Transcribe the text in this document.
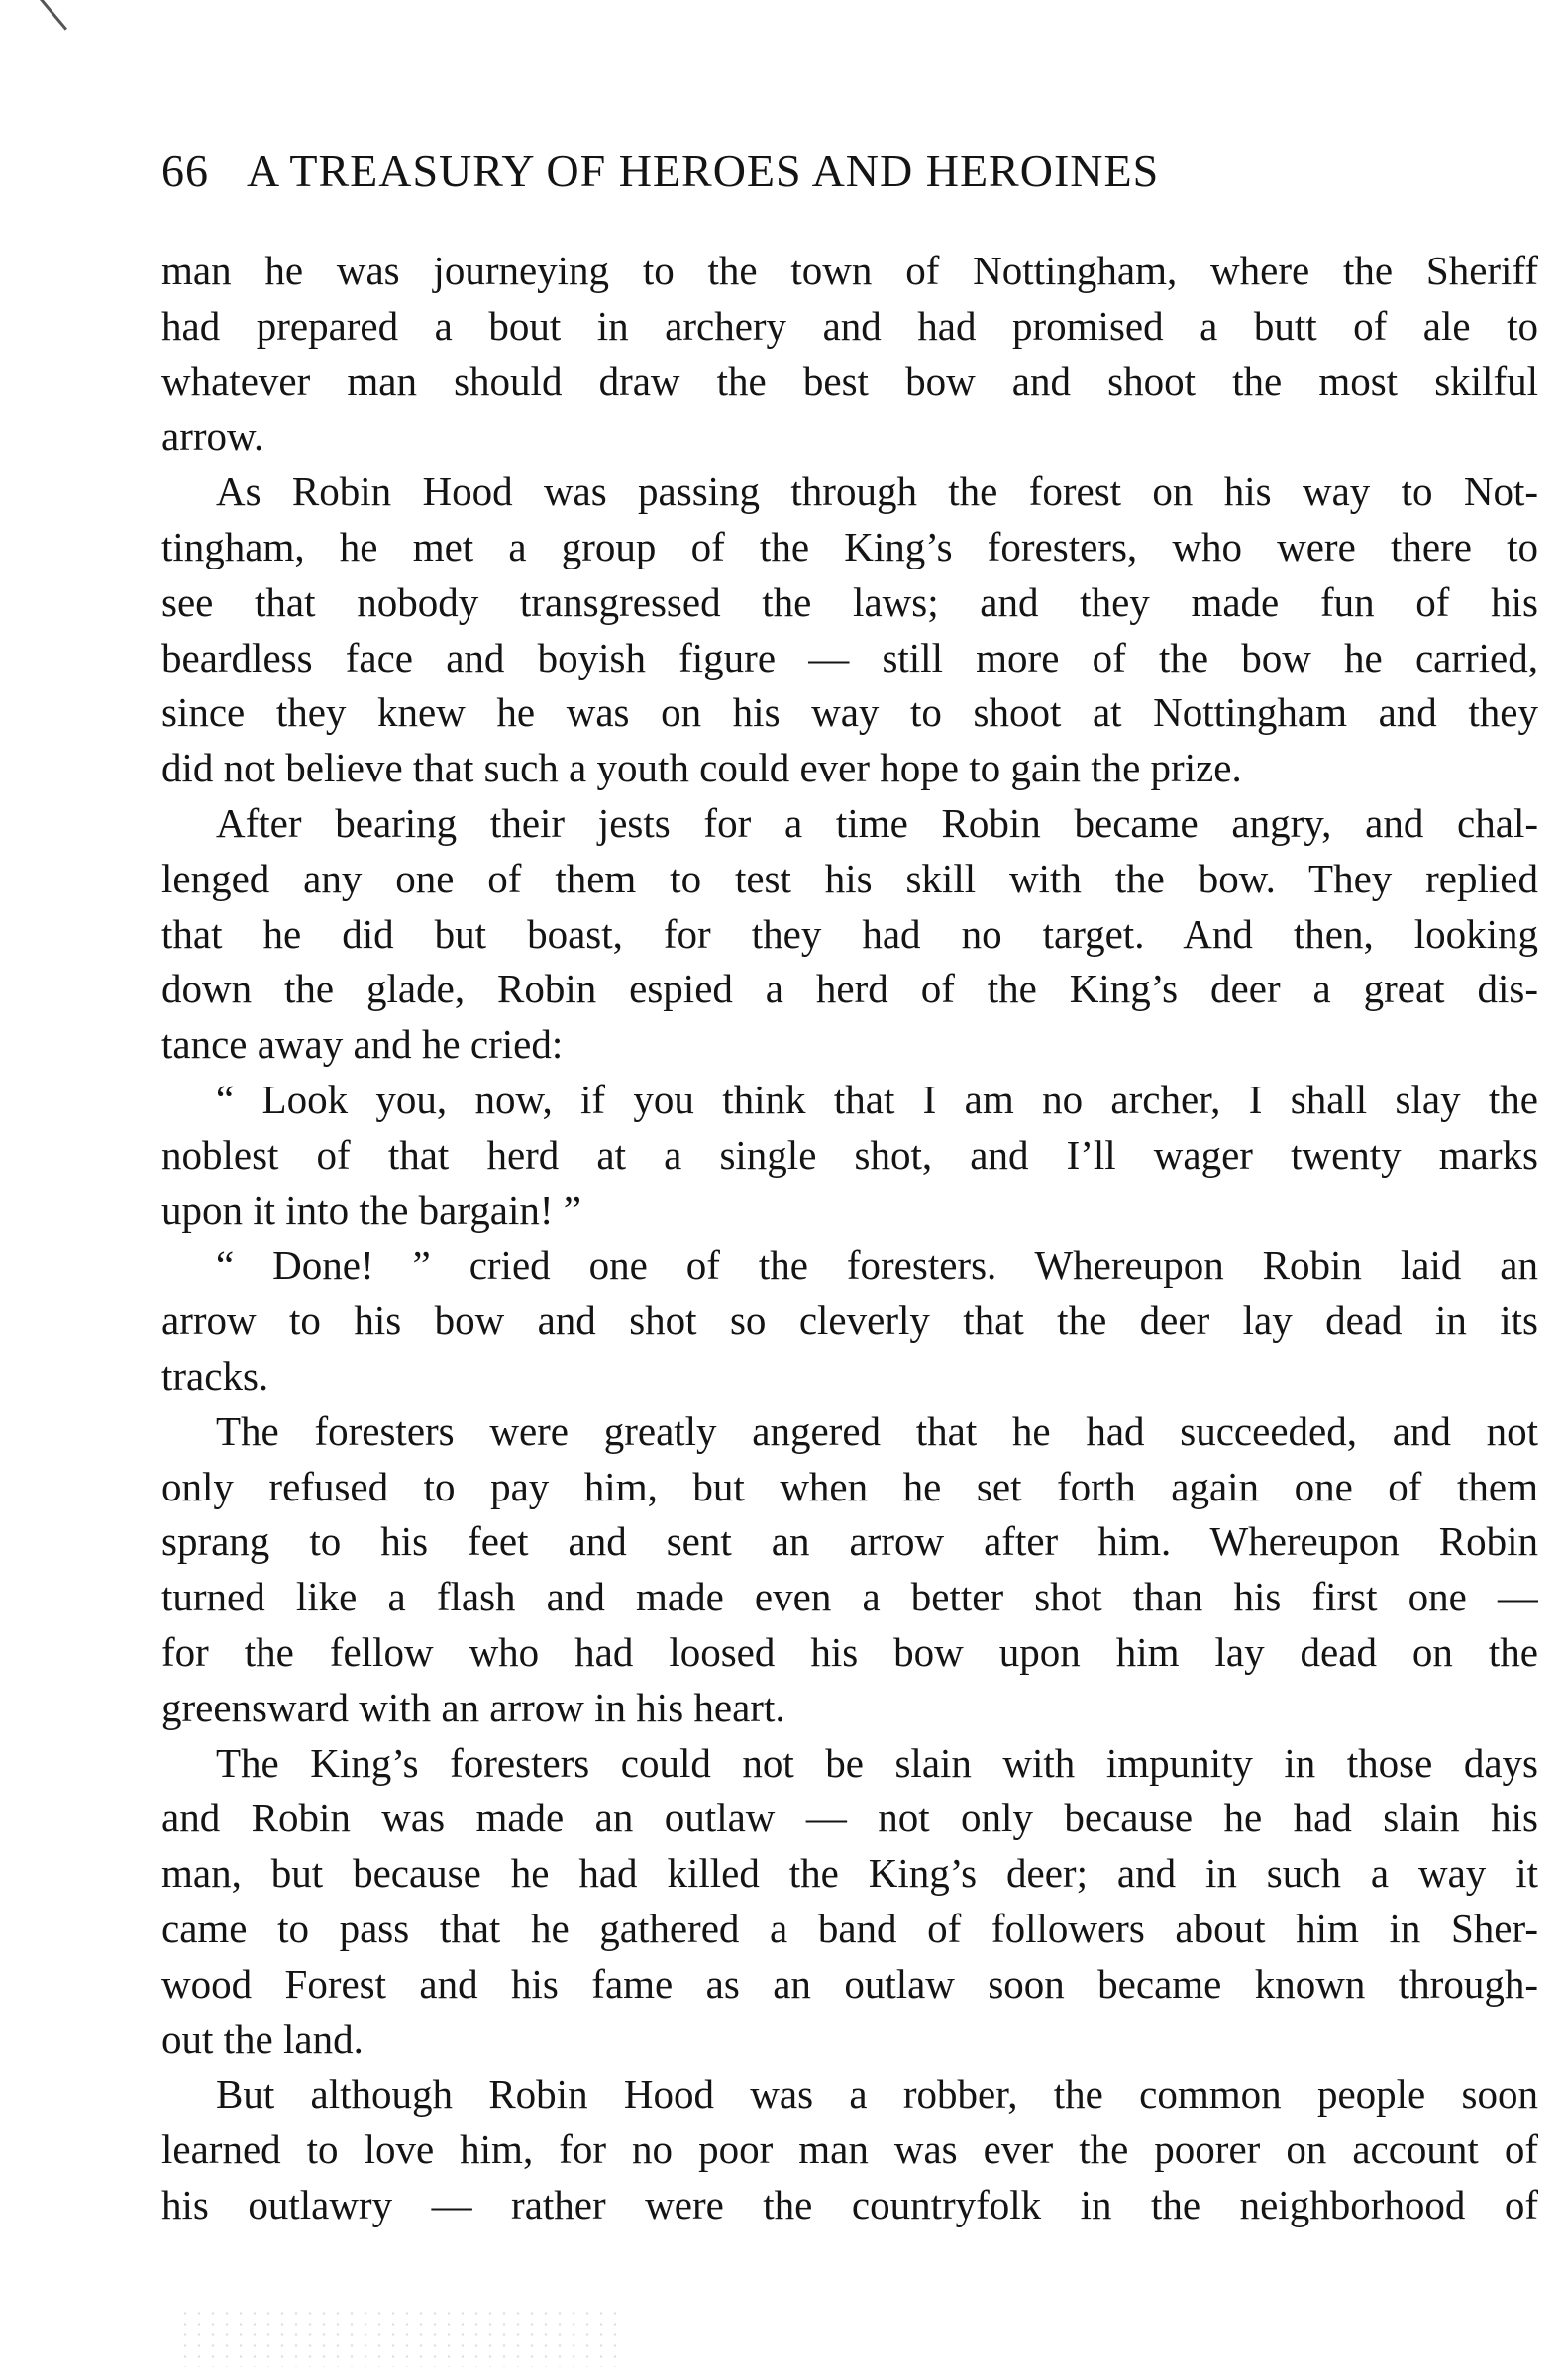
66 A TREASURY OF HEROES AND HEROINES
man he was journeying to the town of Nottingham, where the Sheriff
had prepared a bout in archery and had promised a butt of ale to
whatever man should draw the best bow and shoot the most skilful
arrow.
As Robin Hood was passing through the forest on his way to Not-
tingham, he met a group of the King’s foresters, who were there to
see that nobody transgressed the laws; and they made fun of his
beardless face and boyish figure — still more of the bow he carried,
since they knew he was on his way to shoot at Nottingham and they
did not believe that such a youth could ever hope to gain the prize.
After bearing their jests for a time Robin became angry, and chal-
lenged any one of them to test his skill with the bow. They replied
that he did but boast, for they had no target. And then, looking
down the glade, Robin espied a herd of the King’s deer a great dis-
tance away and he cried:
“ Look you, now, if you think that I am no archer, I shall slay the
noblest of that herd at a single shot, and I’ll wager twenty marks
upon it into the bargain! ”
“ Done! ” cried one of the foresters. Whereupon Robin laid an
arrow to his bow and shot so cleverly that the deer lay dead in its
tracks.
The foresters were greatly angered that he had succeeded, and not
only refused to pay him, but when he set forth again one of them
sprang to his feet and sent an arrow after him. Whereupon Robin
turned like a flash and made even a better shot than his first one —
for the fellow who had loosed his bow upon him lay dead on the
greensward with an arrow in his heart.
The King’s foresters could not be slain with impunity in those days
and Robin was made an outlaw — not only because he had slain his
man, but because he had killed the King’s deer; and in such a way it
came to pass that he gathered a band of followers about him in Sher-
wood Forest and his fame as an outlaw soon became known through-
out the land.
But although Robin Hood was a robber, the common people soon
learned to love him, for no poor man was ever the poorer on account of
his outlawry — rather were the countryfolk in the neighborhood of
